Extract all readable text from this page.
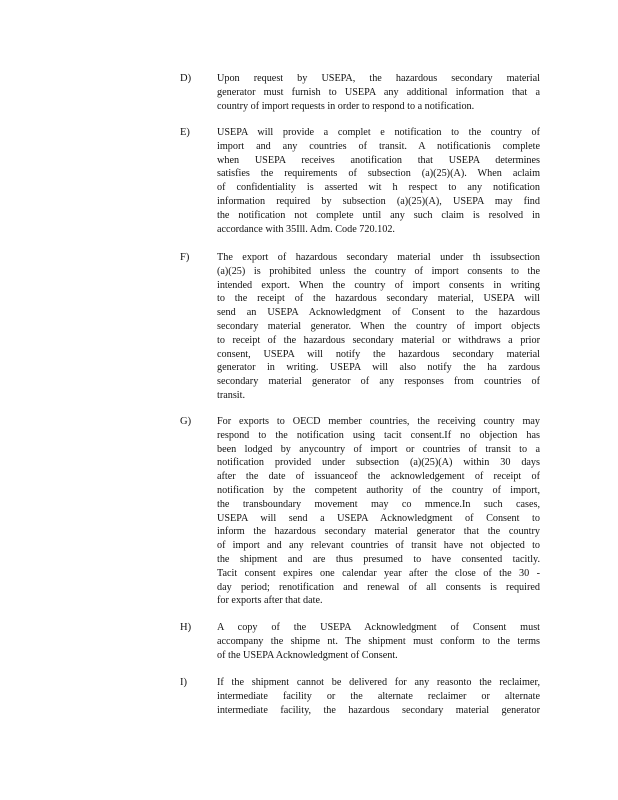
D)	Upon request by USEPA, the hazardous secondary material
generator must furnish to USEPA any additional information that a
country of import requests in order to respond to a notification.
E)	USEPA will provide a complet e notification to the country of
import and any countries of transit. A notificationis complete
when USEPA receives anotification that USEPA determines
satisfies the requirements of subsection (a)(25)(A). When aclaim
of confidentiality is asserted wit h respect to any notification
information required by subsection (a)(25)(A), USEPA may find
the notification not complete until any such claim is resolved in
accordance with 35Ill. Adm. Code 720.102.
F)	The export of hazardous secondary material under th issubsection
(a)(25) is prohibited unless the country of import consents to the
intended export. When the country of import consents in writing
to the receipt of the hazardous secondary material, USEPA will
send an USEPA Acknowledgment of Consent to the hazardous
secondary material generator. When the country of import objects
to receipt of the hazardous secondary material or withdraws a prior
consent, USEPA will notify the hazardous secondary material
generator in writing. USEPA will also notify the ha zardous
secondary material generator of any responses from countries of
transit.
G)	For exports to OECD member countries, the receiving country may
respond to the notification using tacit consent.If no objection has
been lodged by anycountry of import or countries of transit to a
notification provided under subsection (a)(25)(A) within 30 days
after the date of issuanceof the acknowledgement of receipt of
notification by the competent authority of the country of import,
the transboundary movement may co mmence.In such cases,
USEPA will send a USEPA Acknowledgment of Consent to
inform the hazardous secondary material generator that the country
of import and any relevant countries of transit have not objected to
the shipment and are thus presumed to have consented tacitly.
Tacit consent expires one calendar year after the close of the 30 -
day period; renotification and renewal of all consents is required
for exports after that date.
H)	A copy of the USEPA Acknowledgment of Consent must
accompany the shipme nt. The shipment must conform to the terms
of the USEPA Acknowledgment of Consent.
I)	If the shipment cannot be delivered for any reasonto the reclaimer,
intermediate facility or the alternate reclaimer or alternate
intermediate facility, the hazardous secondary material generator
